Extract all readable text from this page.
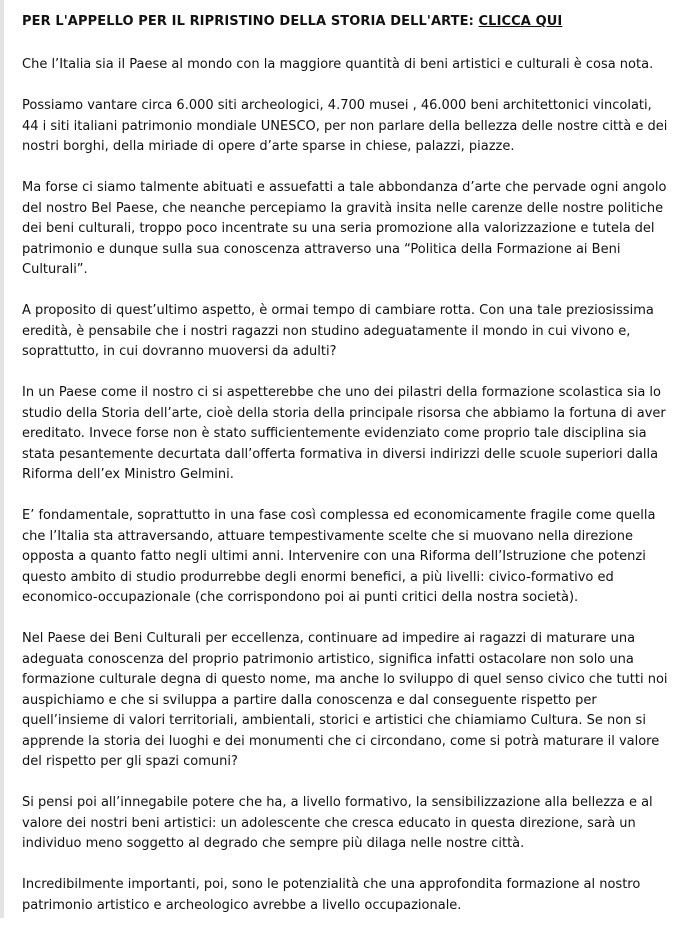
PER L'APPELLO PER IL RIPRISTINO DELLA STORIA DELL'ARTE: CLICCA QUI

Che l’Italia sia il Paese al mondo con la maggiore quantità di beni artistici e culturali è cosa nota.

Possiamo vantare circa 6.000 siti archeologici, 4.700 musei , 46.000 beni architettonici vincolati, 44 i siti italiani patrimonio mondiale UNESCO, per non parlare della bellezza delle nostre città e dei nostri borghi, della miriade di opere d’arte sparse in chiese, palazzi, piazze.

Ma forse ci siamo talmente abituati e assuefatti a tale abbondanza d’arte che pervade ogni angolo del nostro Bel Paese, che neanche percepiamo la gravità insita nelle carenze delle nostre politiche dei beni culturali, troppo poco incentrate su una seria promozione alla valorizzazione e tutela del patrimonio e dunque sulla sua conoscenza attraverso una “Politica della Formazione ai Beni Culturali”.

A proposito di quest’ultimo aspetto, è ormai tempo di cambiare rotta. Con una tale preziosissima eredità, è pensabile che i nostri ragazzi non studino adeguatamente il mondo in cui vivono e, soprattutto, in cui dovranno muoversi da adulti?

In un Paese come il nostro ci si aspetterebbe che uno dei pilastri della formazione scolastica sia lo studio della Storia dell’arte, cioè della storia della principale risorsa che abbiamo la fortuna di aver ereditato. Invece forse non è stato sufficientemente evidenziato come proprio tale disciplina sia stata pesantemente decurtata dall’offerta formativa in diversi indirizzi delle scuole superiori dalla Riforma dell’ex Ministro Gelmini.

E’ fondamentale, soprattutto in una fase così complessa ed economicamente fragile come quella che l’Italia sta attraversando, attuare tempestivamente scelte che si muovano nella direzione opposta a quanto fatto negli ultimi anni. Intervenire con una Riforma dell’Istruzione che potenzi questo ambito di studio produrrebbe degli enormi benefici, a più livelli: civico-formativo ed economico-occupazionale (che corrispondono poi ai punti critici della nostra società).

Nel Paese dei Beni Culturali per eccellenza, continuare ad impedire ai ragazzi di maturare una adeguata conoscenza del proprio patrimonio artistico, significa infatti ostacolare non solo una formazione culturale degna di questo nome, ma anche lo sviluppo di quel senso civico che tutti noi auspichiamo e che si sviluppa a partire dalla conoscenza e dal conseguente rispetto per quell’insieme di valori territoriali, ambientali, storici e artistici che chiamiamo Cultura. Se non si apprende la storia dei luoghi e dei monumenti che ci circondano, come si potrà maturare il valore del rispetto per gli spazi comuni?

Si pensi poi all’innegabile potere che ha, a livello formativo, la sensibilizzazione alla bellezza e al valore dei nostri beni artistici: un adolescente che cresca educato in questa direzione, sarà un individuo meno soggetto al degrado che sempre più dilaga nelle nostre città.

Incredibilmente importanti, poi, sono le potenzialità che una approfondita formazione al nostro patrimonio artistico e archeologico avrebbe a livello occupazionale.
